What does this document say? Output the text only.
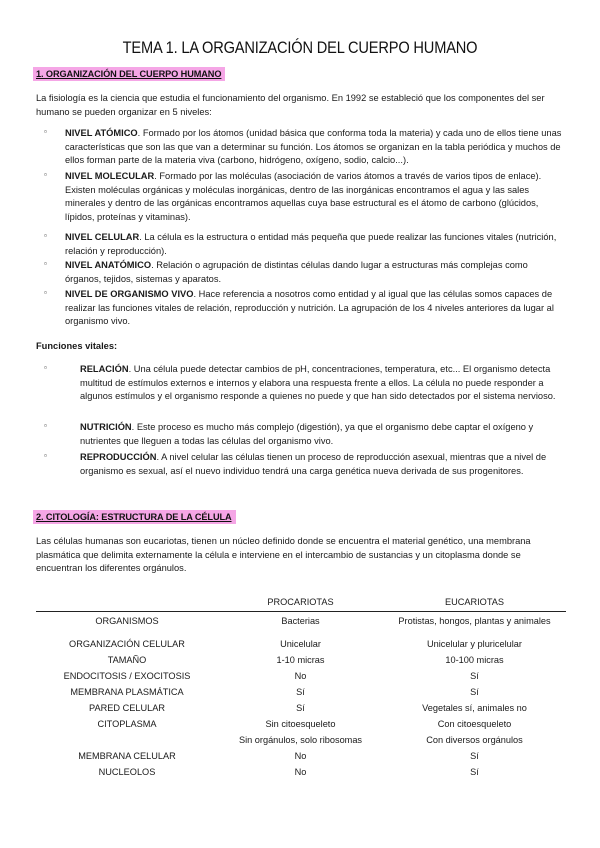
TEMA 1. LA ORGANIZACIÓN DEL CUERPO HUMANO
1. ORGANIZACIÓN DEL CUERPO HUMANO
La fisiología es la ciencia que estudia el funcionamiento del organismo. En 1992 se estableció que los componentes del ser humano se pueden organizar en 5 niveles:
▫ NIVEL ATÓMICO. Formado por los átomos (unidad básica que conforma toda la materia) y cada uno de ellos tiene unas características que son las que van a determinar su función. Los átomos se organizan en la tabla periódica y muchos de ellos forman parte de la materia viva (carbono, hidrógeno, oxígeno, sodio, calcio...).
▫ NIVEL MOLECULAR. Formado por las moléculas (asociación de varios átomos a través de varios tipos de enlace). Existen moléculas orgánicas y moléculas inorgánicas, dentro de las inorgánicas encontramos el agua y las sales minerales y dentro de las orgánicas encontramos aquellas cuya base estructural es el átomo de carbono (glúcidos, lípidos, proteínas y vitaminas).
▫ NIVEL CELULAR. La célula es la estructura o entidad más pequeña que puede realizar las funciones vitales (nutrición, relación y reproducción).
▫ NIVEL ANATÓMICO. Relación o agrupación de distintas células dando lugar a estructuras más complejas como órganos, tejidos, sistemas y aparatos.
▫ NIVEL DE ORGANISMO VIVO. Hace referencia a nosotros como entidad y al igual que las células somos capaces de realizar las funciones vitales de relación, reproducción y nutrición. La agrupación de los 4 niveles anteriores da lugar al organismo vivo.
Funciones vitales:
▫	RELACIÓN. Una célula puede detectar cambios de pH, concentraciones, temperatura, etc... El organismo detecta multitud de estímulos externos e internos y elabora una respuesta frente a ellos. La célula no puede responder a algunos estímulos y el organismo responde a quienes no puede y que han sido detectados por el sistema nervioso.
▫	NUTRICIÓN. Este proceso es mucho más complejo (digestión), ya que el organismo debe captar el oxígeno y nutrientes que lleguen a todas las células del organismo vivo.
▫	REPRODUCCIÓN. A nivel celular las células tienen un proceso de reproducción asexual, mientras que a nivel de organismo es sexual, así el nuevo individuo tendrá una carga genética nueva derivada de sus progenitores.
2. CITOLOGÍA: ESTRUCTURA DE LA CÉLULA
Las células humanas son eucariotas, tienen un núcleo definido donde se encuentra el material genético, una membrana plasmática que delimita externamente la célula e interviene en el intercambio de sustancias y un citoplasma donde se encuentran los diferentes orgánulos.
	PROCARIOTAS	EUCARIOTAS
ORGANISMOS	Bacterias	Protistas, hongos, plantas y animales
ORGANIZACIÓN CELULAR	Unicelular	Unicelular y pluricelular
TAMAÑO	1-10 micras	10-100 micras
ENDOCITOSIS / EXOCITOSIS	No	Sí
MEMBRANA PLASMÁTICA	Sí	Sí
PARED CELULAR	Sí	Vegetales sí, animales no
CITOPLASMA	Sin citoesqueleto	Con citoesqueleto
	Sin orgánulos, solo ribosomas	Con diversos orgánulos
MEMBRANA CELULAR	No	Sí
NUCLEOLOS	No	Sí
